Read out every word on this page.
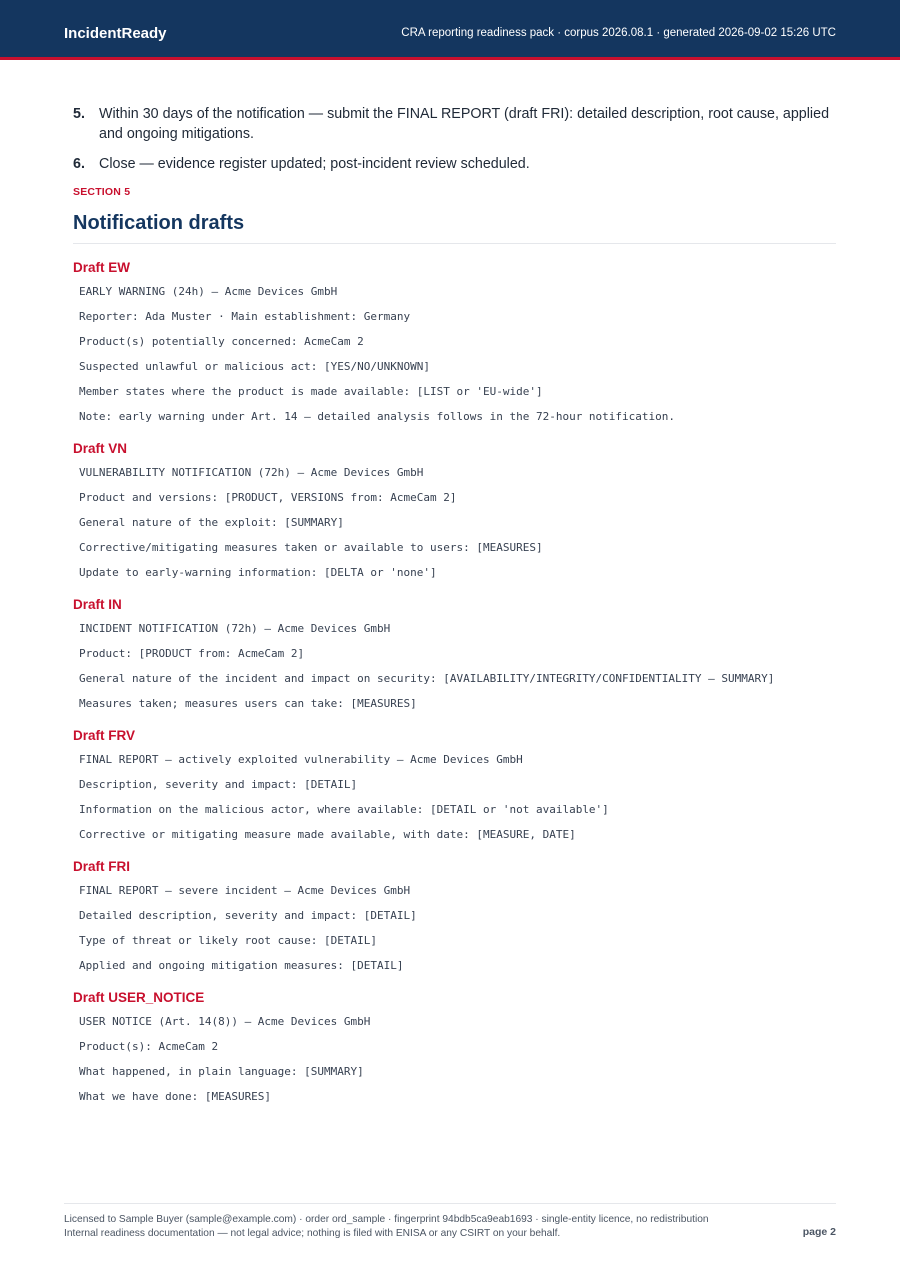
IncidentReady	CRA reporting readiness pack · corpus 2026.08.1 · generated 2026-09-02 15:26 UTC
5. Within 30 days of the notification — submit the FINAL REPORT (draft FRI): detailed description, root cause, applied and ongoing mitigations.
6. Close — evidence register updated; post-incident review scheduled.
SECTION 5
Notification drafts
Draft EW
EARLY WARNING (24h) — Acme Devices GmbH
Reporter: Ada Muster · Main establishment: Germany
Product(s) potentially concerned: AcmeCam 2
Suspected unlawful or malicious act: [YES/NO/UNKNOWN]
Member states where the product is made available: [LIST or 'EU-wide']
Note: early warning under Art. 14 — detailed analysis follows in the 72-hour notification.
Draft VN
VULNERABILITY NOTIFICATION (72h) — Acme Devices GmbH
Product and versions: [PRODUCT, VERSIONS from: AcmeCam 2]
General nature of the exploit: [SUMMARY]
Corrective/mitigating measures taken or available to users: [MEASURES]
Update to early-warning information: [DELTA or 'none']
Draft IN
INCIDENT NOTIFICATION (72h) — Acme Devices GmbH
Product: [PRODUCT from: AcmeCam 2]
General nature of the incident and impact on security: [AVAILABILITY/INTEGRITY/CONFIDENTIALITY — SUMMARY]
Measures taken; measures users can take: [MEASURES]
Draft FRV
FINAL REPORT — actively exploited vulnerability — Acme Devices GmbH
Description, severity and impact: [DETAIL]
Information on the malicious actor, where available: [DETAIL or 'not available']
Corrective or mitigating measure made available, with date: [MEASURE, DATE]
Draft FRI
FINAL REPORT — severe incident — Acme Devices GmbH
Detailed description, severity and impact: [DETAIL]
Type of threat or likely root cause: [DETAIL]
Applied and ongoing mitigation measures: [DETAIL]
Draft USER_NOTICE
USER NOTICE (Art. 14(8)) — Acme Devices GmbH
Product(s): AcmeCam 2
What happened, in plain language: [SUMMARY]
What we have done: [MEASURES]
Licensed to Sample Buyer (sample@example.com) · order ord_sample · fingerprint 94bdb5ca9eab1693 · single-entity licence, no redistribution
Internal readiness documentation — not legal advice; nothing is filed with ENISA or any CSIRT on your behalf.	page 2
